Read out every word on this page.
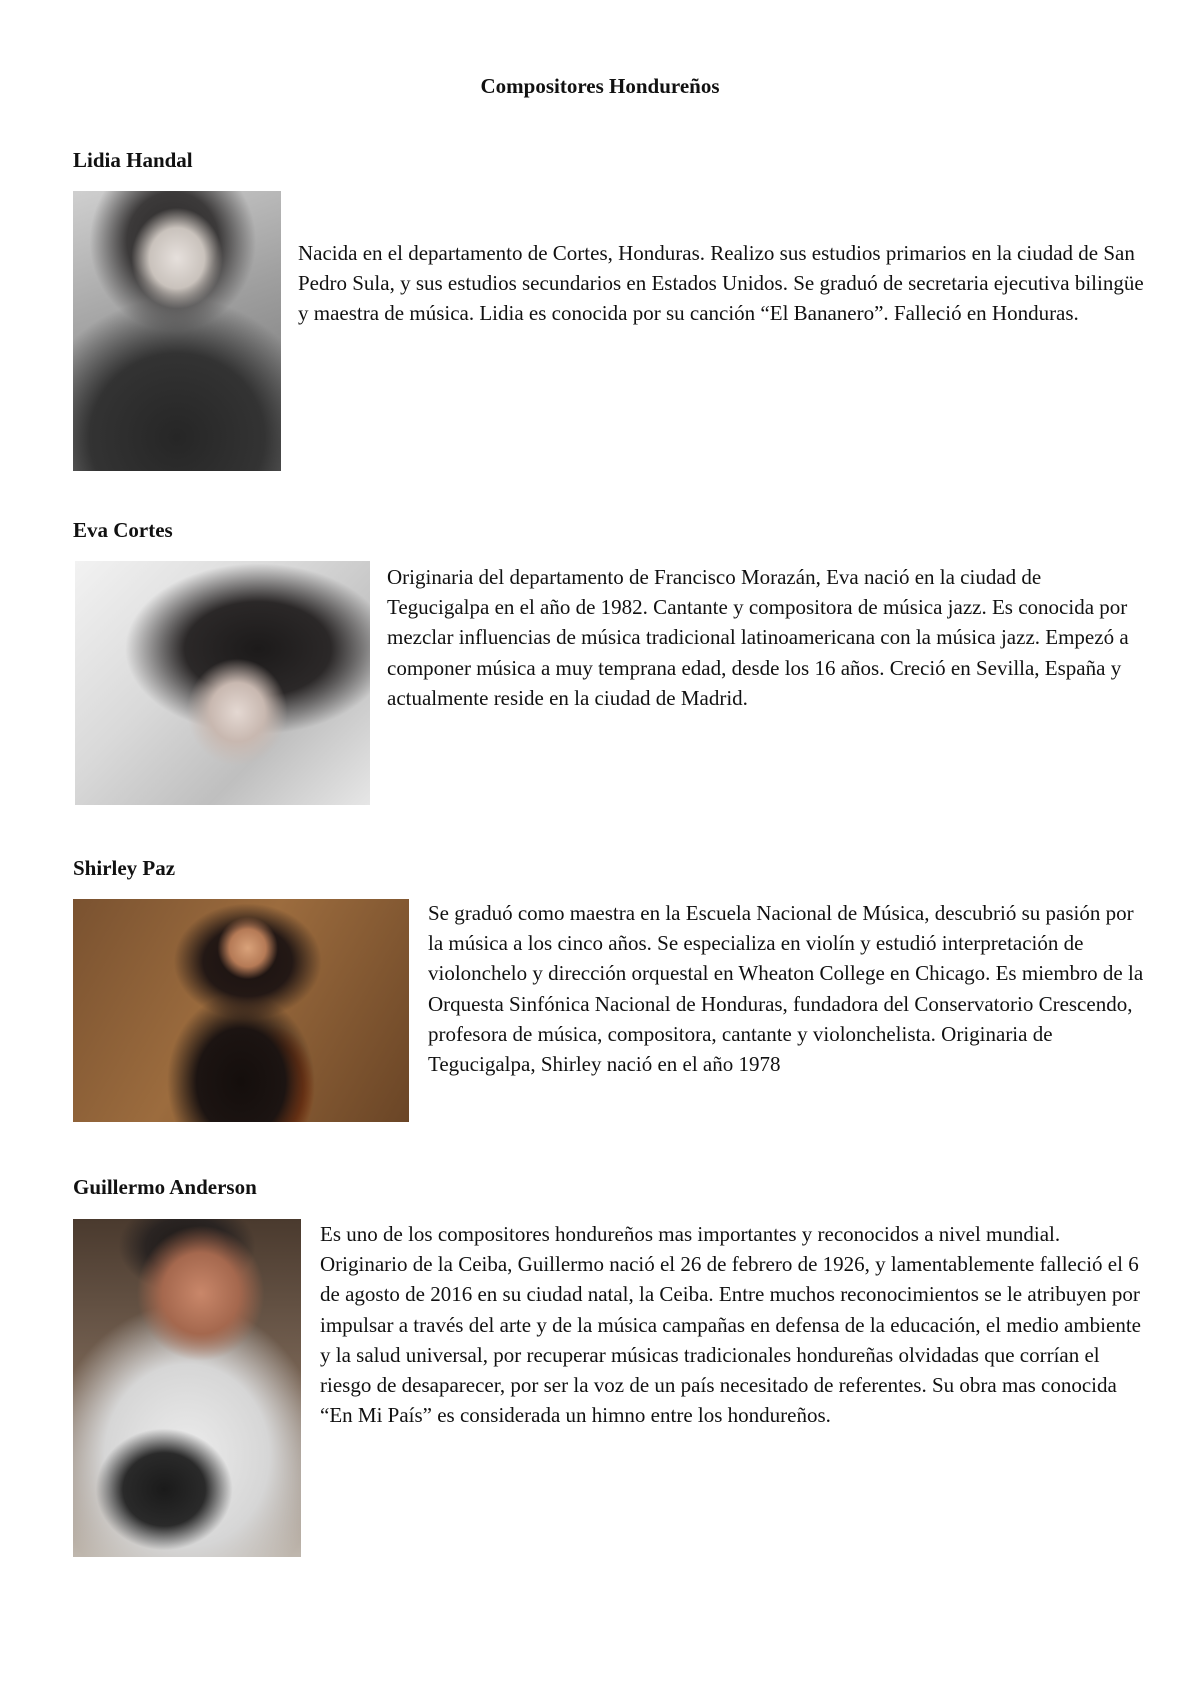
Compositores Hondureños
Lidia Handal

Nacida en el departamento de Cortes, Honduras. Realizo sus estudios primarios en la ciudad de San Pedro Sula, y sus estudios secundarios en Estados Unidos. Se graduó de secretaria ejecutiva bilingüe y maestra de música. Lidia es conocida por su canción “El Bananero”. Falleció en Honduras.

Eva Cortes

Originaria del departamento de Francisco Morazán, Eva nació en la ciudad de Tegucigalpa en el año de 1982. Cantante y compositora de música jazz. Es conocida por mezclar influencias de música tradicional latinoamericana con la música jazz. Empezó a componer música a muy temprana edad, desde los 16 años. Creció en Sevilla, España y actualmente reside en la ciudad de Madrid.

Shirley Paz

Se graduó como maestra en la Escuela Nacional de Música, descubrió su pasión por la música a los cinco años. Se especializa en violín y estudió interpretación de violonchelo y dirección orquestal en Wheaton College en Chicago. Es miembro de la Orquesta Sinfónica Nacional de Honduras, fundadora del Conservatorio Crescendo, profesora de música, compositora, cantante y violonchelista. Originaria de Tegucigalpa, Shirley nació en el año 1978

Guillermo Anderson

Es uno de los compositores hondureños mas importantes y reconocidos a nivel mundial. Originario de la Ceiba, Guillermo nació el 26 de febrero de 1926, y lamentablemente falleció el 6 de agosto de 2016 en su ciudad natal, la Ceiba. Entre muchos reconocimientos se le atribuyen por impulsar a través del arte y de la música campañas en defensa de la educación, el medio ambiente y la salud universal, por recuperar músicas tradicionales hondureñas olvidadas que corrían el riesgo de desaparecer, por ser la voz de un país necesitado de referentes. Su obra mas conocida “En Mi País” es considerada un himno entre los hondureños.
